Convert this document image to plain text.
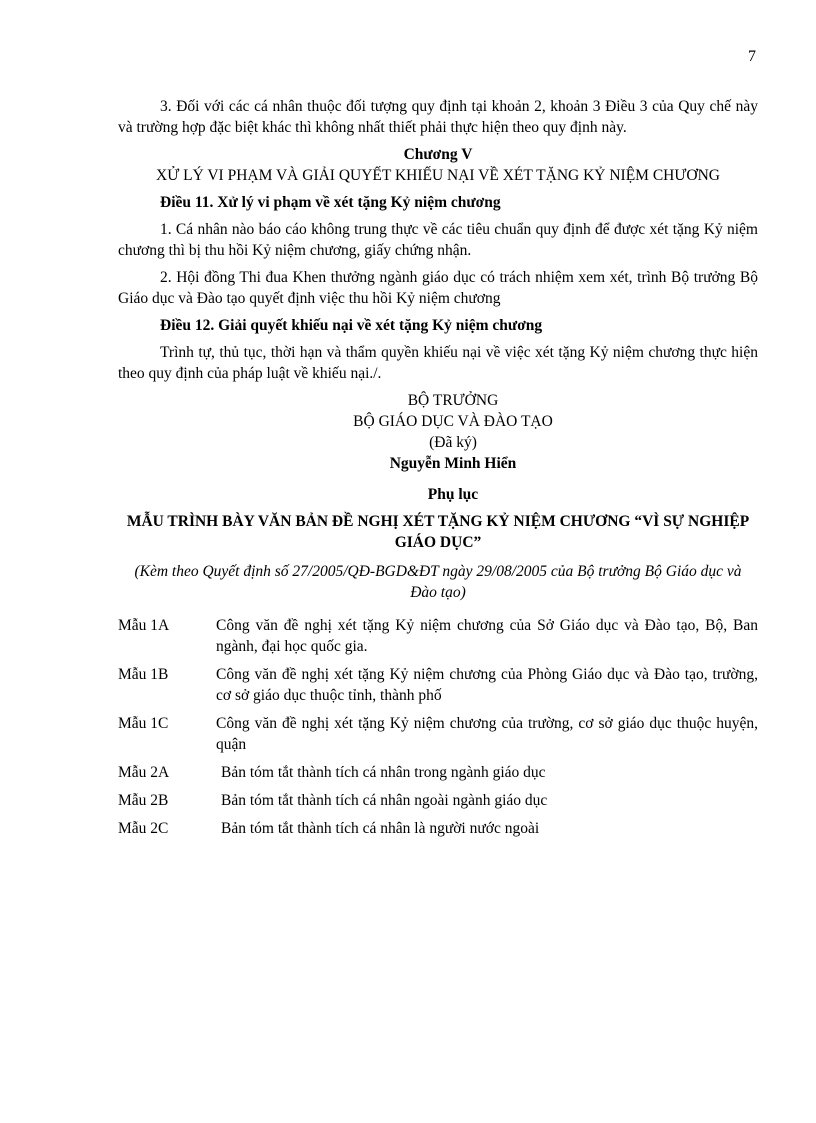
7

3. Đối với các cá nhân thuộc đối tượng quy định tại khoản 2, khoản 3 Điều 3 của Quy chế này và trường hợp đặc biệt khác thì không nhất thiết phải thực hiện theo quy định này.

Chương V

XỬ LÝ VI PHẠM VÀ GIẢI QUYẾT KHIẾU NẠI VỀ XÉT TẶNG KỶ NIỆM CHƯƠNG

Điều 11. Xử lý vi phạm về xét tặng Kỷ niệm chương

1. Cá nhân nào báo cáo không trung thực về các tiêu chuẩn quy định để được xét tặng Kỷ niệm chương thì bị thu hồi Kỷ niệm chương, giấy chứng nhận.

2. Hội đồng Thi đua Khen thưởng ngành giáo dục có trách nhiệm xem xét, trình Bộ trưởng Bộ Giáo dục và Đào tạo quyết định việc thu hồi Kỷ niệm chương

Điều 12. Giải quyết khiếu nại về xét tặng Kỷ niệm chương

Trình tự, thủ tục, thời hạn và thẩm quyền khiếu nại về việc xét tặng Kỷ niệm chương thực hiện theo quy định của pháp luật về khiếu nại./.

BỘ TRƯỞNG

BỘ GIÁO DỤC VÀ ĐÀO TẠO

(Đã ký)

Nguyễn Minh Hiển

Phụ lục

MẪU TRÌNH BÀY VĂN BẢN ĐỀ NGHỊ XÉT TẶNG KỶ NIỆM CHƯƠNG “VÌ SỰ NGHIỆP GIÁO DỤC”

(Kèm theo Quyết định số 27/2005/QĐ-BGD&ĐT ngày 29/08/2005 của Bộ trưởng Bộ Giáo dục và Đào tạo)

Mẫu 1A	Công văn đề nghị xét tặng Kỷ niệm chương của Sở Giáo dục và Đào tạo, Bộ, Ban ngành, đại học quốc gia.
Mẫu 1B	Công văn đề nghị xét tặng Kỷ niệm chương của Phòng Giáo dục và Đào tạo, trường, cơ sở giáo dục thuộc tỉnh, thành phố
Mẫu 1C	Công văn đề nghị xét tặng Kỷ niệm chương của trường, cơ sở giáo dục thuộc huyện, quận
Mẫu 2A	Bản tóm tắt thành tích cá nhân trong ngành giáo dục
Mẫu 2B	Bản tóm tắt thành tích cá nhân ngoài ngành giáo dục
Mẫu 2C	Bản tóm tắt thành tích cá nhân là người nước ngoài
